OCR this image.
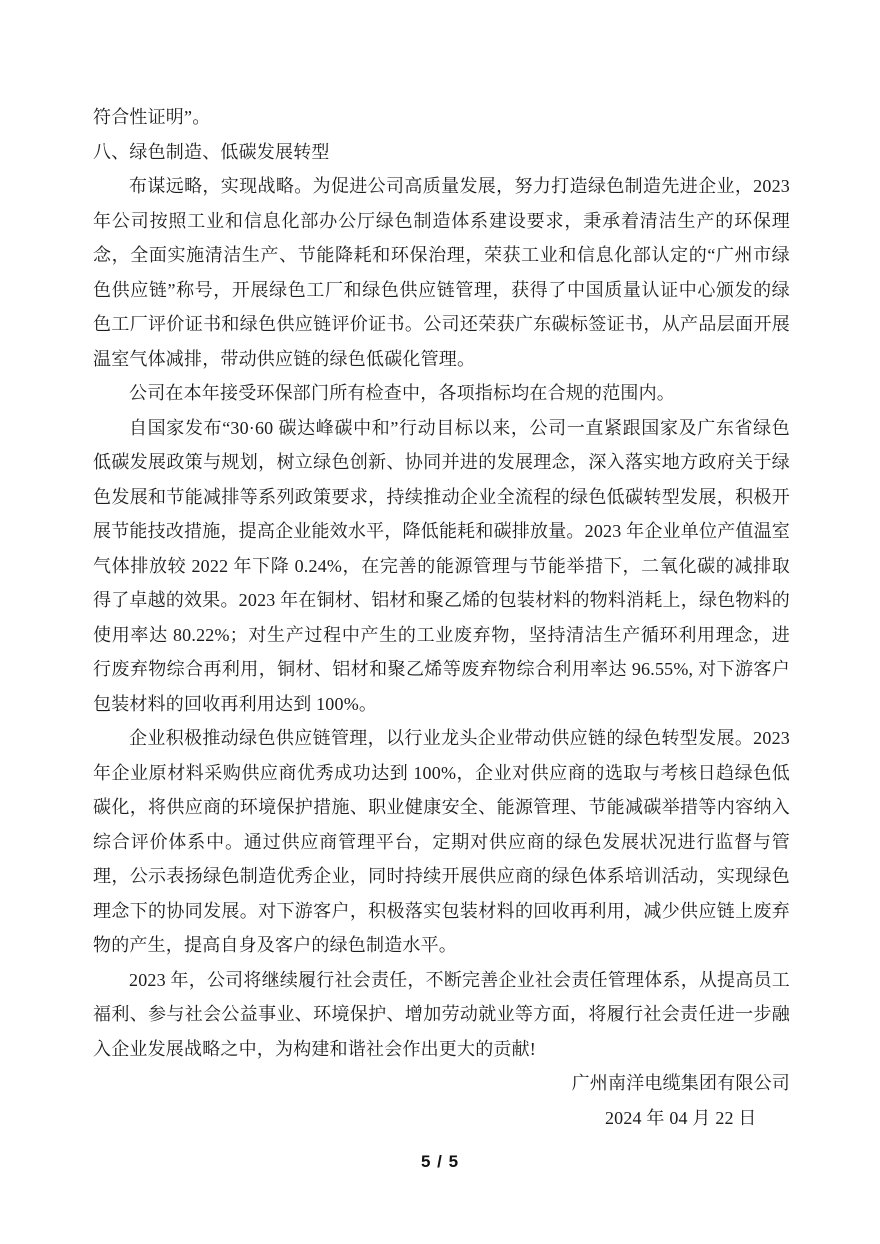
符合性证明”。

八、绿色制造、低碳发展转型

布谋远略，实现战略。为促进公司高质量发展，努力打造绿色制造先进企业，2023 年公司按照工业和信息化部办公厅绿色制造体系建设要求，秉承着清洁生产的环保理念，全面实施清洁生产、节能降耗和环保治理，荣获工业和信息化部认定的“广州市绿色供应链”称号，开展绿色工厂和绿色供应链管理，获得了中国质量认证中心颁发的绿色工厂评价证书和绿色供应链评价证书。公司还荣获广东碳标签证书，从产品层面开展温室气体减排，带动供应链的绿色低碳化管理。

公司在本年接受环保部门所有检查中，各项指标均在合规的范围内。

自国家发布“30·60 碳达峰碳中和”行动目标以来，公司一直紧跟国家及广东省绿色低碳发展政策与规划，树立绿色创新、协同并进的发展理念，深入落实地方政府关于绿色发展和节能减排等系列政策要求，持续推动企业全流程的绿色低碳转型发展，积极开展节能技改措施，提高企业能效水平，降低能耗和碳排放量。2023 年企业单位产值温室气体排放较 2022 年下降 0.24%，在完善的能源管理与节能举措下，二氧化碳的减排取得了卓越的效果。2023 年在铜材、铝材和聚乙烯的包装材料的物料消耗上，绿色物料的使用率达 80.22%；对生产过程中产生的工业废弃物，坚持清洁生产循环利用理念，进行废弃物综合再利用，铜材、铝材和聚乙烯等废弃物综合利用率达 96.55%, 对下游客户包装材料的回收再利用达到 100%。

企业积极推动绿色供应链管理，以行业龙头企业带动供应链的绿色转型发展。2023 年企业原材料采购供应商优秀成功达到 100%，企业对供应商的选取与考核日趋绿色低碳化，将供应商的环境保护措施、职业健康安全、能源管理、节能减碳举措等内容纳入综合评价体系中。通过供应商管理平台，定期对供应商的绿色发展状况进行监督与管理，公示表扬绿色制造优秀企业，同时持续开展供应商的绿色体系培训活动，实现绿色理念下的协同发展。对下游客户，积极落实包装材料的回收再利用，减少供应链上废弃物的产生，提高自身及客户的绿色制造水平。

2023 年，公司将继续履行社会责任，不断完善企业社会责任管理体系，从提高员工福利、参与社会公益事业、环境保护、增加劳动就业等方面，将履行社会责任进一步融入企业发展战略之中，为构建和谐社会作出更大的贡献!

广州南洋电缆集团有限公司
2024 年 04 月 22 日
5 / 5
